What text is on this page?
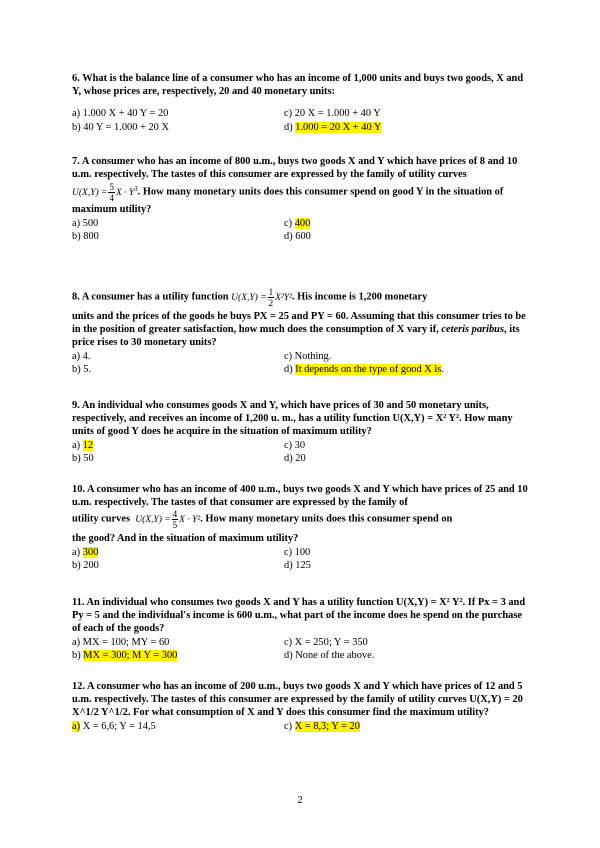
6. What is the balance line of a consumer who has an income of 1,000 units and buys two goods, X and Y, whose prices are, respectively, 20 and 40 monetary units:

a) 1.000 X + 40 Y = 20	c) 20 X = 1.000 + 40 Y
b) 40 Y = 1.000 + 20 X	d) 1.000 = 20 X + 40 Y

7. A consumer who has an income of 800 u.m., buys two goods X and Y which have prices of 8 and 10 u.m. respectively. The tastes of this consumer are expressed by the family of utility curves

$U(X,Y) = \frac{5}{4}$ $X \cdot Y^3$. How many monetary units does this consumer spend on good Y in the situation of maximum utility?

a) 500	c) 400
b) 800	d) 600

8. A consumer has a utility function $U(X,Y) = \frac{1}{2} X^2Y^2$. His income is 1,200 monetary

units and the prices of the goods he buys PX = 25 and PY = 60. Assuming that this consumer tries to be in the position of greater satisfaction, how much does the consumption of X vary if, ceteris paribus, its price rises to 30 monetary units?

a) 4.	c) Nothing.
b) 5.	d) It depends on the type of good X is.

9. An individual who consumes goods X and Y, which have prices of 30 and 50 monetary units, respectively, and receives an income of 1,200 u. m., has a utility function U(X,Y) = X² Y². How many units of good Y does he acquire in the situation of maximum utility?

a) 12	c) 30
b) 50	d) 20

10. A consumer who has an income of 400 u.m., buys two goods X and Y which have prices of 25 and 10 u.m. respectively. The tastes of that consumer are expressed by the family of

utility curves $U(X,Y) = \frac{4}{5}$ X · Y². How many monetary units does this consumer spend on

the good? And in the situation of maximum utility?

a) 300	c) 100
b) 200	d) 125

11. An individual who consumes two goods X and Y has a utility function U(X,Y) = X² Y². If Px = 3 and Py = 5 and the individual's income is 600 u.m., what part of the income does he spend on the purchase of each of the goods?

a) MX = 100; MY = 60	c) X = 250; Y = 350
b) MX = 300; M Y = 300	d) None of the above.

12. A consumer who has an income of 200 u.m., buys two goods X and Y which have prices of 12 and 5 u.m. respectively. The tastes of this consumer are expressed by the family of utility curves U(X,Y) = 20 X^1/2 Y^1/2. For what consumption of X and Y does this consumer find the maximum utility?

a) X = 6,6; Y = 14,5	c) X = 8,3; Y = 20
2
